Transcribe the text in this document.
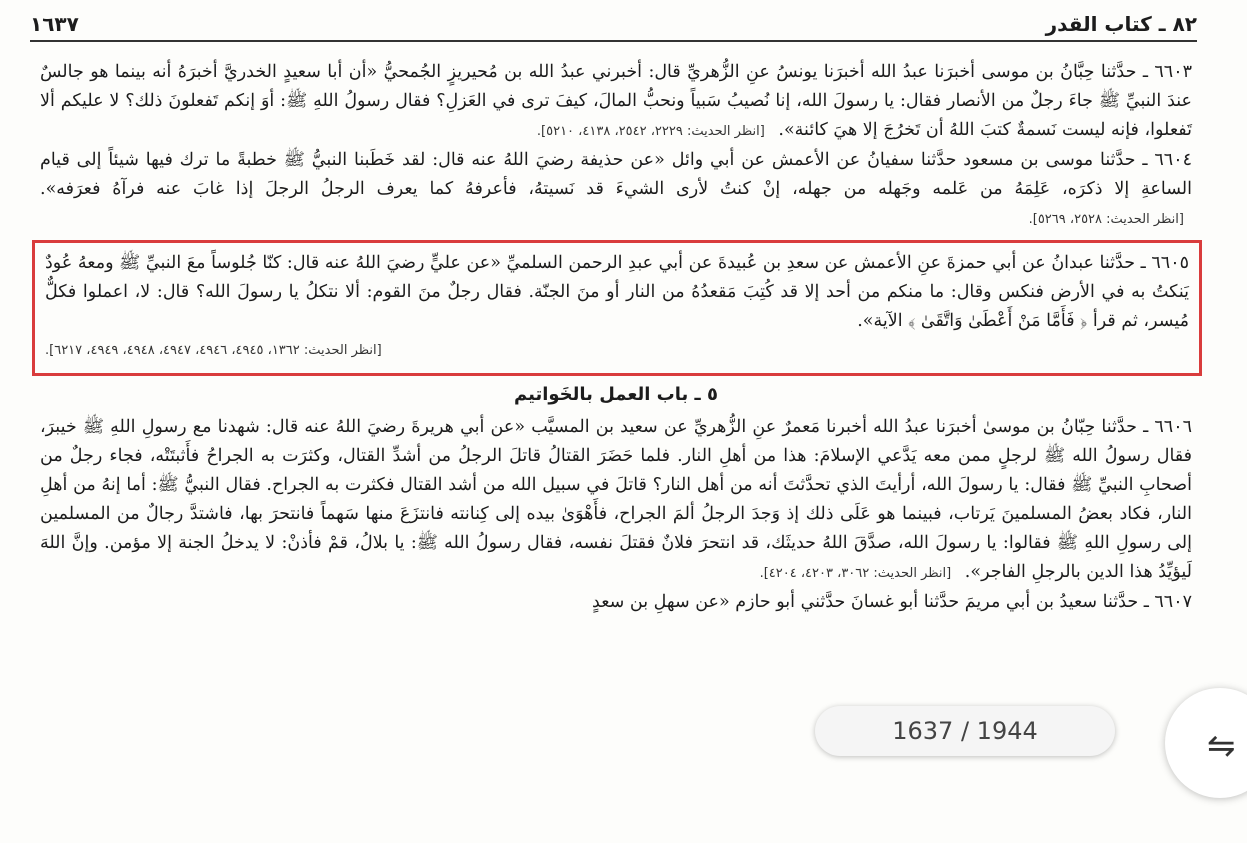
١٦٣٧	٨٢ ـ كتاب القدر

٦٦٠٣ ـ حدَّثنا حِبَّانُ بن موسى أخبرَنا عبدُ الله أخبرَنا يونسُ عنِ الزُّهريِّ قال: أخبرني عبدُ الله بن مُحيريزٍ الجُمحيُّ «أن أبا سعيدٍ الخدريَّ أخبرَهُ أنه بينما هو جالسٌ عندَ النبيِّ ﷺ جاءَ رجلٌ من الأنصار فقال: يا رسولَ الله، إنا نُصيبُ سَبياً ونحبُّ المالَ، كيفَ ترى في العَزلِ؟ فقال رسولُ اللهِ ﷺ: أوَ إنكم تَفعلونَ ذلك؟ لا عليكم ألا تَفعلوا، فإنه ليست نَسمةٌ كتبَ اللهُ أن تَخرُجَ إلا هيَ كائنة». [انظر الحديث: ٢٢٢٩، ٢٥٤٢، ٤١٣٨، ٥٢١٠].

٦٦٠٤ ـ حدَّثنا موسى بن مسعود حدَّثنا سفيانُ عن الأعمش عن أبي وائل «عن حذيفة رضيَ اللهُ عنه قال: لقد خَطَبنا النبيُّ ﷺ خطبةً ما ترك فيها شيئاً إلى قيام الساعةِ إلا ذكرَه، عَلِمَهُ من عَلمه وجَهله من جهله، إنْ كنتُ لأرى الشيءَ قد نَسيتهُ، فأعرفهُ كما يعرف الرجلُ الرجلَ إذا غابَ عنه فرآهُ فعرَفه». [انظر الحديث: ٢٥٢٨، ٥٢٦٩].

٦٦٠٥ ـ حدَّثنا عبدانُ عن أبي حمزةَ عنِ الأعمش عن سعدِ بن عُبيدةَ عن أبي عبدِ الرحمن السلميِّ «عن عليٍّ رضيَ اللهُ عنه قال: كنّا جُلوساً معَ النبيِّ ﷺ ومعهُ عُودٌ يَنكتُ به في الأرض فنكس وقال: ما منكم من أحد إلا قد كُتِبَ مَقعدُهُ من النار أو منَ الجنّة. فقال رجلٌ منَ القوم: ألا نتكلُ يا رسولَ الله؟ قال: لا، اعملوا فكلٌّ مُيسر، ثم قرأ ﴿ فَأَمَّا مَنْ أَعْطَىٰ وَاتَّقَىٰ ﴾ الآية».

[انظر الحديث: ١٣٦٢، ٤٩٤٥، ٤٩٤٦، ٤٩٤٧، ٤٩٤٨، ٤٩٤٩، ٦٢١٧].
٥ ـ باب العمل بالخَواتيم

٦٦٠٦ ـ حدَّثنا حِبّانُ بن موسىٰ أخبرَنا عبدُ الله أخبرنا مَعمرٌ عنِ الزُّهريِّ عن سعيد بن المسيَّب «عن أبي هريرةَ رضيَ اللهُ عنه قال: شهدنا مع رسولِ اللهِ ﷺ خيبرَ، فقال رسولُ الله ﷺ لرجلٍ ممن معه يَدَّعي الإسلامَ: هذا من أهلِ النار. فلما حَضَرَ القتالُ قاتلَ الرجلُ من أشدِّ القتال، وكثرَت به الجراحُ فأَثبتَتْه، فجاء رجلٌ من أصحابِ النبيِّ ﷺ فقال: يا رسولَ الله، أرأيتَ الذي تحدَّثتَ أنه من أهل النار؟ قاتلَ في سبيل الله من أشد القتال فكثرت به الجراح. فقال النبيُّ ﷺ: أما إنهُ من أهلِ النار، فكاد بعضُ المسلمينَ يَرتاب، فبينما هو عَلَى ذلك إذ وَجدَ الرجلُ ألمَ الجراح، فأَهْوَىٰ بيده إلى كِنانته فانتزَعَ منها سَهماً فانتحرَ بها، فاشتدَّ رجالٌ من المسلمين إلى رسولِ اللهِ ﷺ فقالوا: يا رسولَ الله، صدَّقَ اللهُ حديثَك، قد انتحرَ فلانٌ فقتلَ نفسه، فقال رسولُ الله ﷺ: يا بلالُ، قمْ فأذنْ: لا يدخلُ الجنة إلا مؤمن. وإنَّ اللهَ لَيؤيِّدُ هذا الدين بالرجلِ الفاجر». [انظر الحديث: ٣٠٦٢، ٤٢٠٣، ٤٢٠٤].

٦٦٠٧ ـ حدَّثنا سعيدُ بن أبي مريمَ حدَّثنا أبو غسانَ حدَّثني أبو حازم «عن سهلِ بن سعدٍ

1637 / 1944	⇋
